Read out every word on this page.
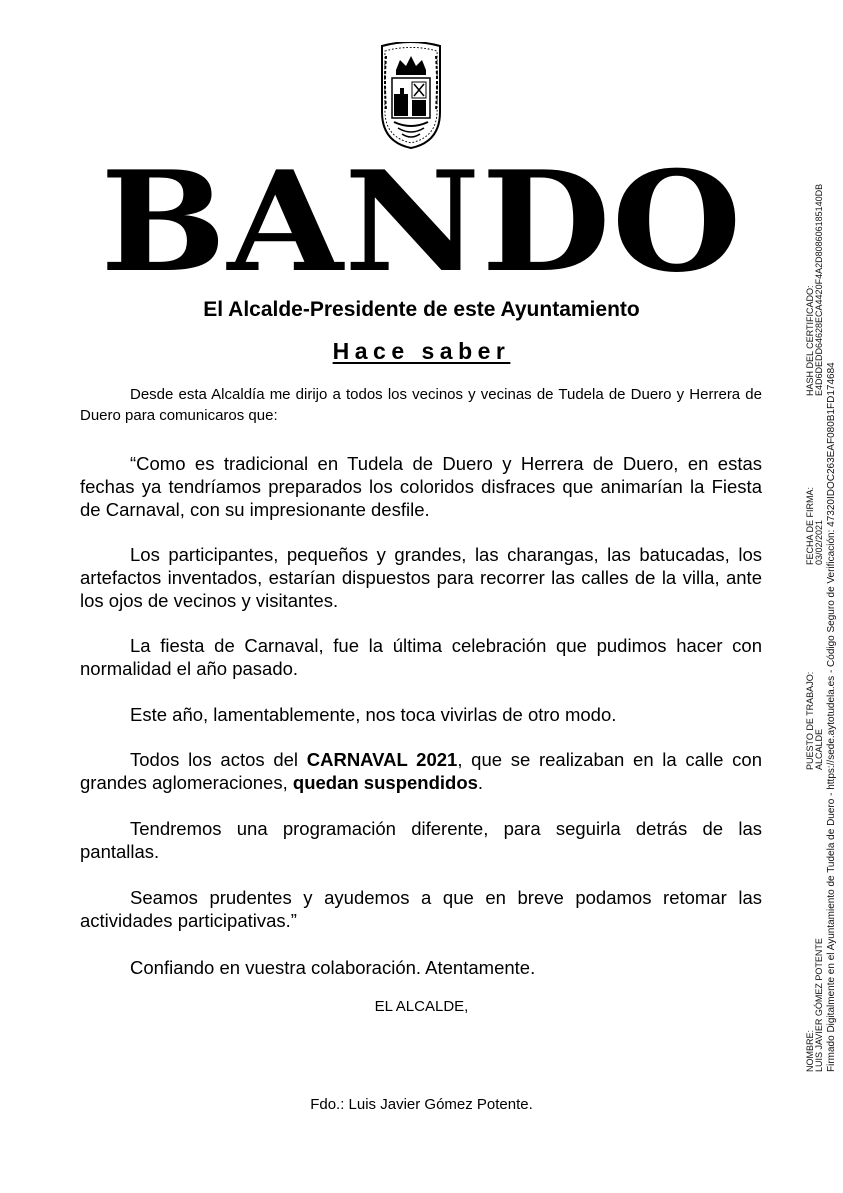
BANDO
El Alcalde-Presidente de este Ayuntamiento
Hace saber
Desde esta Alcaldía me dirijo a todos los vecinos y vecinas de Tudela de Duero y Herrera de Duero para comunicaros que:
“Como es tradicional en Tudela de Duero y Herrera de Duero, en estas fechas ya tendríamos preparados los coloridos disfraces que animarían la Fiesta de Carnaval, con su impresionante desfile.
Los participantes, pequeños y grandes, las charangas, las batucadas, los artefactos inventados, estarían dispuestos para recorrer las calles de la villa, ante los ojos de vecinos y visitantes.
La fiesta de Carnaval, fue la última celebración que pudimos hacer con normalidad el año pasado.
Este año, lamentablemente, nos toca vivirlas de otro modo.
Todos los actos del CARNAVAL 2021, que se realizaban en la calle con grandes aglomeraciones, quedan suspendidos.
Tendremos una programación diferente, para seguirla detrás de las pantallas.
Seamos prudentes y ayudemos a que en breve podamos retomar las actividades participativas.”
Confiando en vuestra colaboración. Atentamente.
EL ALCALDE,
Fdo.: Luis Javier Gómez Potente.
NOMBRE: LUIS JAVIER GÓMEZ POTENTE
PUESTO DE TRABAJO: ALCALDE
FECHA DE FIRMA: 03/02/2021
HASH DEL CERTIFICADO: E4D6DEDD64628ECA4420F4A2D808606185140DB
Firmado Digitalmente en el Ayuntamiento de Tudela de Duero - https://sede.aytotudela.es - Código Seguro de Verificación: 47320IDOC263EAF080B1FD174684
